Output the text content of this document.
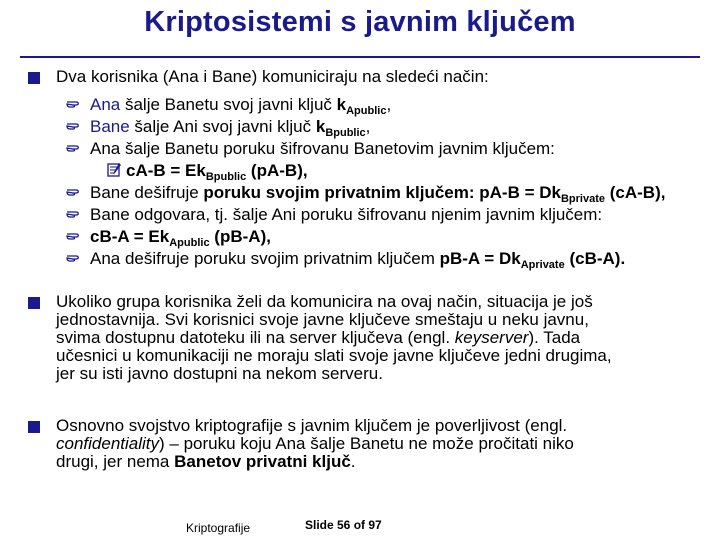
Kriptosistemi s javnim ključem
Dva korisnika (Ana i Bane) komuniciraju na sledeći način:
Ana šalje Banetu svoj javni ključ $k_{Apublic}$,
Bane šalje Ani svoj javni ključ $k_{Bpublic}$,
Ana šalje Banetu poruku šifrovanu Banetovim javnim ključem:
$cA-B = Ek_{Bpublic}$ (pA-B),
Bane dešifruje poruku svojim privatnim ključem: $pA-B = Dk_{Bprivate}$ (cA-B),
Bane odgovara, tj. šalje Ani poruku šifrovanu njenim javnim ključem:
$cB-A = Ek_{Apublic}$ (pB-A),
Ana dešifruje poruku svojim privatnim ključem $pB-A = Dk_{Aprivate}$ (cB-A).
Ukoliko grupa korisnika želi da komunicira na ovaj način, situacija je još
jednostavnija. Svi korisnici svoje javne ključeve smeštaju u neku javnu,
svima dostupnu datoteku ili na server ključeva (engl. keyserver). Tada
učesnici u komunikaciji ne moraju slati svoje javne ključeve jedni drugima,
jer su isti javno dostupni na nekom serveru.
Osnovno svojstvo kriptografije s javnim ključem je poverljivost (engl.
confidentiality) – poruku koju Ana šalje Banetu ne može pročitati niko
drugi, jer nema Banetov privatni ključ.
Kriptografije	Slide 56 of 97
